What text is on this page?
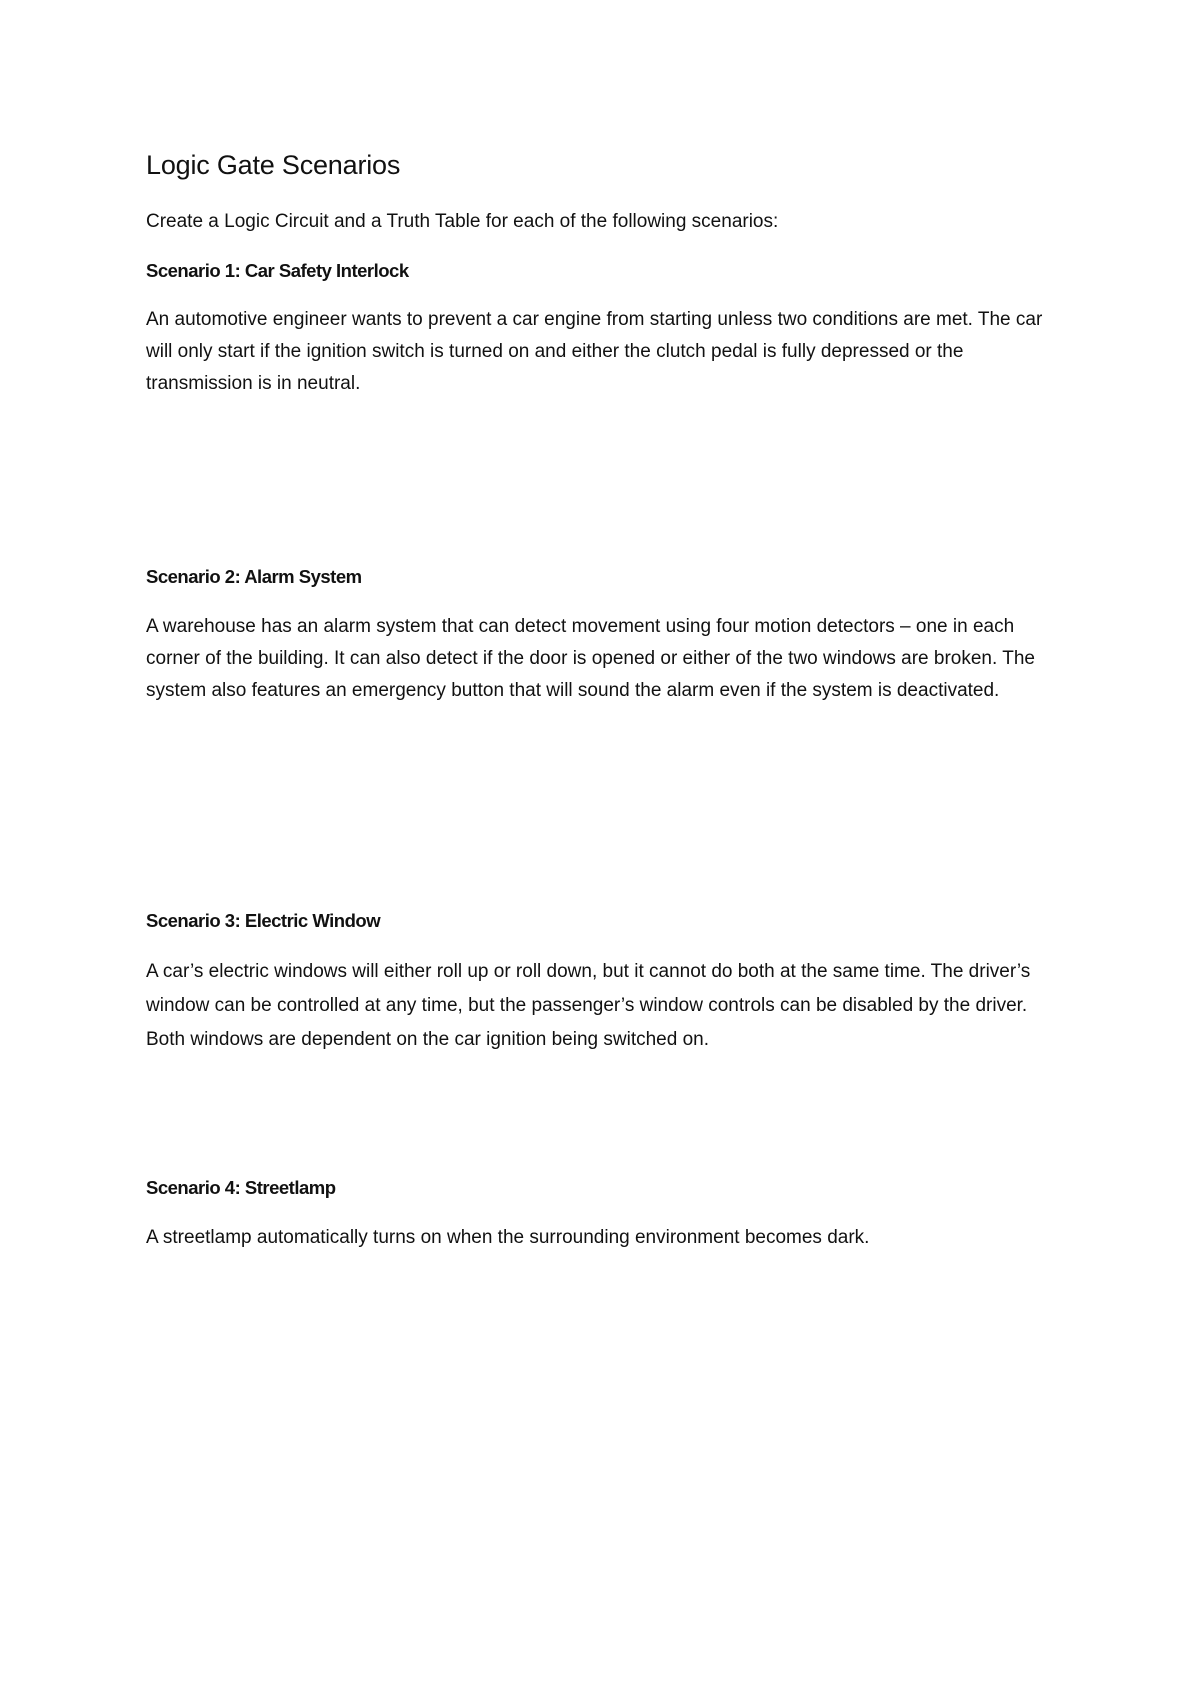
Logic Gate Scenarios

Create a Logic Circuit and a Truth Table for each of the following scenarios:

Scenario 1: Car Safety Interlock

An automotive engineer wants to prevent a car engine from starting unless two conditions are met. The car will only start if the ignition switch is turned on and either the clutch pedal is fully depressed or the transmission is in neutral.

Scenario 2: Alarm System

A warehouse has an alarm system that can detect movement using four motion detectors – one in each corner of the building. It can also detect if the door is opened or either of the two windows are broken. The system also features an emergency button that will sound the alarm even if the system is deactivated.

Scenario 3: Electric Window

A car’s electric windows will either roll up or roll down, but it cannot do both at the same time. The driver’s window can be controlled at any time, but the passenger’s window controls can be disabled by the driver. Both windows are dependent on the car ignition being switched on.

Scenario 4: Streetlamp

A streetlamp automatically turns on when the surrounding environment becomes dark.
